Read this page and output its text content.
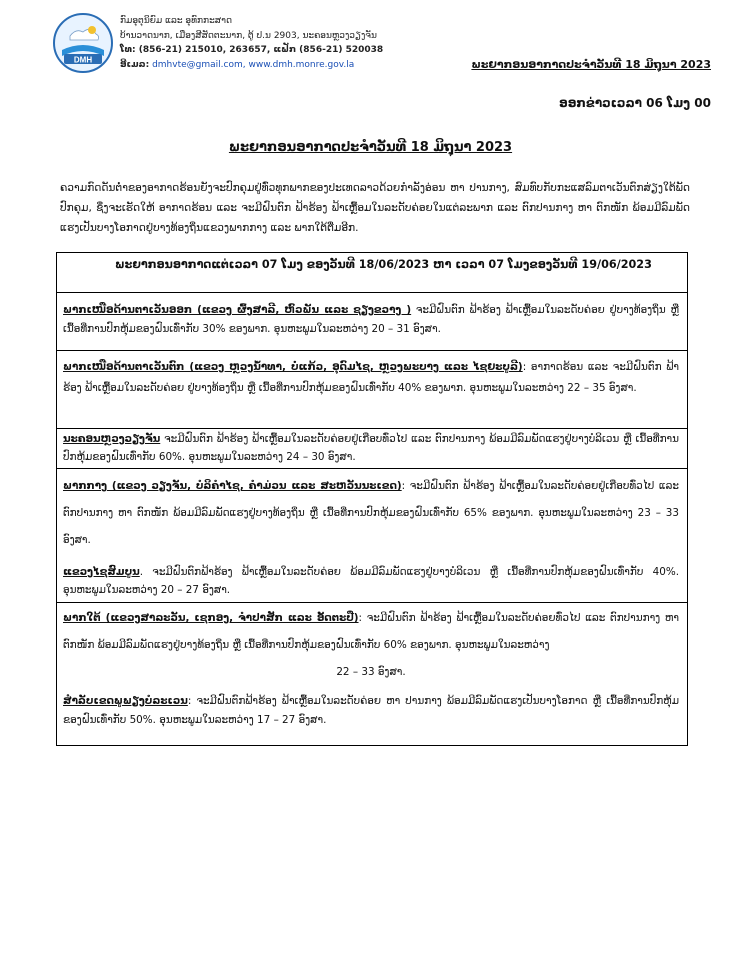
DMH
ກົມອຸຕຸນິຍົມ ແລະ ອຸທົກກະສາດ
ບ້ານວາດນາກ, ເມືອງສີສັດຕະນາກ, ຕູ້ ປ.ນ 2903, ນະຄອນຫຼວງວຽງຈັນ
ໂທ: (856-21) 215010, 263657, ແຟັກ (856-21) 520038
ອີເມລ: dmhvte@gmail.com, www.dmh.monre.gov.la	ພະຍາກອນອາກາດປະຈຳວັນທີ 18 ມິຖຸນາ 2023
ອອກຂ່າວເວລາ 06 ໂມງ 00
ພະຍາກອນອາກາດປະຈຳວັນທີ 18 ມິຖຸນາ 2023
ຄວາມກົດດັນຕ່ຳຂອງອາກາດຮ້ອນຍັງຈະປົກຄຸມຢູ່ທົ່ວທຸກພາກຂອງປະເທດລາວດ້ວຍກຳລັງອ່ອນ ຫາ ປານກາງ, ສົມທົບກັບກະແສລົມຕາເວັນຕົກສ່ຽງໃຕ້ພັດປົກຄຸມ, ຊຶ່ງຈະເຮັດໃຫ້ ອາກາດຮ້ອນ ແລະ ຈະມີຝົນຕົກ ຟ້າຮ້ອງ ຟ້າເຫຼື້ອມໃນລະດັບຄ່ອຍໃນແຕ່ລະພາກ ແລະ ຕົກປານກາງ ຫາ ຕົກໜັກ ພ້ອມມີລົມພັດແຮງເປັນບາງໂອກາດຢູ່ບາງທ້ອງຖິ່ນແຂວງພາກກາງ ແລະ ພາກໃຕ້ຕື່ມອີກ.
ພະຍາກອນອາກາດແຕ່ເວລາ 07 ໂມງ ຂອງວັນທີ 18/06/2023 ຫາ ເວລາ 07 ໂມງຂອງວັນທີ 19/06/2023
ພາກເໜືອດ້ານຕາເວັນອອກ (ແຂວງ ຜົ້ງສາລີ, ຫົວພັນ ແລະ ຊຽງຂວາງ ) ຈະມີຝົນຕົກ ຟ້າຮ້ອງ ຟ້າເຫຼື້ອມໃນລະດັບຄ່ອຍ ຢູ່ບາງທ້ອງຖິ່ນ ຫຼື ເນື້ອທີ່ການປົກຫຸ້ມຂອງຝົນເທົ່າກັບ 30% ຂອງພາກ. ອຸນຫະພູມໃນລະຫວ່າງ 20 – 31 ອົງສາ.
ພາກເໜືອດ້ານຕາເວັນຕົກ (ແຂວງ ຫຼວງນ້ຳທາ, ບໍ່ແກ້ວ, ອຸດົມໄຊ, ຫຼວງພະບາງ ແລະ ໄຊຍະບູລີ): ອາກາດຮ້ອນ ແລະ ຈະມີຝົນຕົກ ຟ້າຮ້ອງ ຟ້າເຫຼື້ອມໃນລະດັບຄ່ອຍ ຢູ່ບາງທ້ອງຖິ່ນ ຫຼື ເນື້ອທີ່ການປົກຫຸ້ມຂອງຝົນເທົ່າກັບ 40% ຂອງພາກ. ອຸນຫະພູມໃນລະຫວ່າງ 22 – 35 ອົງສາ.
ນະຄອນຫຼວງວຽງຈັນ ຈະມີຝົນຕົກ ຟ້າຮ້ອງ ຟ້າເຫຼື້ອມໃນລະດັບຄ່ອຍຢູ່ເກືອບທົ່ວໄປ ແລະ ຕົກປານກາງ ພ້ອມມີລົມພັດແຮງຢູ່ບາງບໍລິເວນ ຫຼື ເນື້ອທີ່ການປົກຫຸ້ມຂອງຝົນເທົ່າກັບ 60%. ອຸນຫະພູມໃນລະຫວ່າງ 24 – 30 ອົງສາ.
ພາກກາງ (ແຂວງ ວຽງຈັນ, ບໍລິຄຳໄຊ, ຄຳມ່ວນ ແລະ ສະຫວັນນະເຂດ): ຈະມີຝົນຕົກ ຟ້າຮ້ອງ ຟ້າເຫຼື້ອມໃນລະດັບຄ່ອຍຢູ່ເກືອບທົ່ວໄປ ແລະ ຕົກປານກາງ ຫາ ຕົກໜັກ ພ້ອມມີລົມພັດແຮງຢູ່ບາງທ້ອງຖິ່ນ ຫຼື ເນື້ອທີ່ການປົກຫຸ້ມຂອງຝົນເທົ່າກັບ 65% ຂອງພາກ. ອຸນຫະພູມໃນລະຫວ່າງ 23 – 33 ອົງສາ.
ແຂວງໄຊສົມບູນ. ຈະມີຝົນຕົກຟ້າຮ້ອງ ຟ້າເຫຼື້ອມໃນລະດັບຄ່ອຍ ພ້ອມມີລົມພັດແຮງຢູ່ບາງບໍລິເວນ ຫຼື ເນື້ອທີ່ການປົກຫຸ້ມຂອງຝົນເທົ່າກັບ 40%. ອຸນຫະພູມໃນລະຫວ່າງ 20 – 27 ອົງສາ.
ພາກໃຕ້ (ແຂວງສາລະວັນ, ເຊກອງ, ຈຳປາສັກ ແລະ ອັດຕະປື): ຈະມີຝົນຕົກ ຟ້າຮ້ອງ ຟ້າເຫຼື້ອມໃນລະດັບຄ່ອຍທົ່ວໄປ ແລະ ຕົກປານກາງ ຫາ ຕົກໜັກ ພ້ອມມີລົມພັດແຮງຢູ່ບາງທ້ອງຖິ່ນ ຫຼື ເນື້ອທີ່ການປົກຫຸ້ມຂອງຝົນເທົ່າກັບ 60% ຂອງພາກ. ອຸນຫະພູມໃນລະຫວ່າງ
22 – 33 ອົງສາ.
ສຳລັບເຂດພູພຽງບໍລະເວນ: ຈະມີຝົນຕົກຟ້າຮ້ອງ ຟ້າເຫຼື້ອມໃນລະດັບຄ່ອຍ ຫາ ປານກາງ ພ້ອມມີລົມພັດແຮງເປັນບາງໂອກາດ ຫຼື ເນື້ອທີ່ການປົກຫຸ້ມຂອງຝົນເທົ່າກັບ 50%. ອຸນຫະພູມໃນລະຫວ່າງ 17 – 27 ອົງສາ.
